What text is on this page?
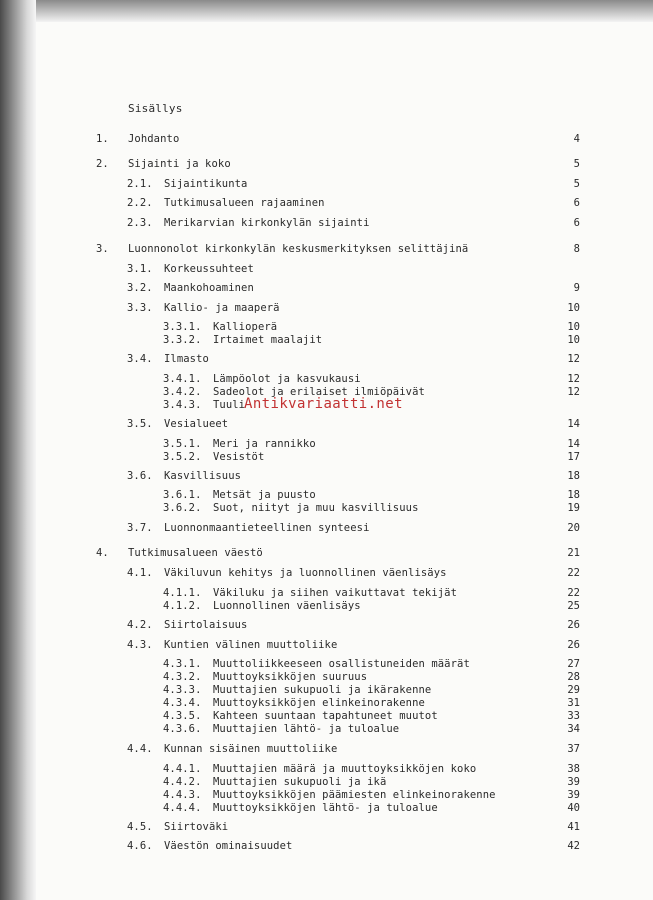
Sisällys
1. Johdanto	4
2. Sijainti ja koko	5
2.1. Sijaintikunta	5
2.2. Tutkimusalueen rajaaminen	6
2.3. Merikarvian kirkonkylän sijainti	6
3. Luonnonolot kirkonkylän keskusmerkityksen selittäjinä	8
3.1. Korkeussuhteet
3.2. Maankohoaminen	9
3.3. Kallio- ja maaperä	10
3.3.1. Kallioperä	10
3.3.2. Irtaimet maalajit	10
3.4. Ilmasto	12
3.4.1. Lämpöolot ja kasvukausi	12
3.4.2. Sadeolot ja erilaiset ilmiöpäivät	12
3.4.3. Tuuli
3.5. Vesialueet	14
3.5.1. Meri ja rannikko	14
3.5.2. Vesistöt	17
3.6. Kasvillisuus	18
3.6.1. Metsät ja puusto	18
3.6.2. Suot, niityt ja muu kasvillisuus	19
3.7. Luonnonmaantieteellinen synteesi	20
4. Tutkimusalueen väestö	21
4.1. Väkiluvun kehitys ja luonnollinen väenlisäys	22
4.1.1. Väkiluku ja siihen vaikuttavat tekijät	22
4.1.2. Luonnollinen väenlisäys	25
4.2. Siirtolaisuus	26
4.3. Kuntien välinen muuttoliike	26
4.3.1. Muuttoliikkeeseen osallistuneiden määrät	27
4.3.2. Muuttoyksikköjen suuruus	28
4.3.3. Muuttajien sukupuoli ja ikärakenne	29
4.3.4. Muuttoyksikköjen elinkeinorakenne	31
4.3.5. Kahteen suuntaan tapahtuneet muutot	33
4.3.6. Muuttajien lähtö- ja tuloalue	34
4.4. Kunnan sisäinen muuttoliike	37
4.4.1. Muuttajien määrä ja muuttoyksikköjen koko	38
4.4.2. Muuttajien sukupuoli ja ikä	39
4.4.3. Muuttoyksikköjen päämiesten elinkeinorakenne	39
4.4.4. Muuttoyksikköjen lähtö- ja tuloalue	40
4.5. Siirtoväki	41
4.6. Väestön ominaisuudet	42
Antikvariaatti.net
